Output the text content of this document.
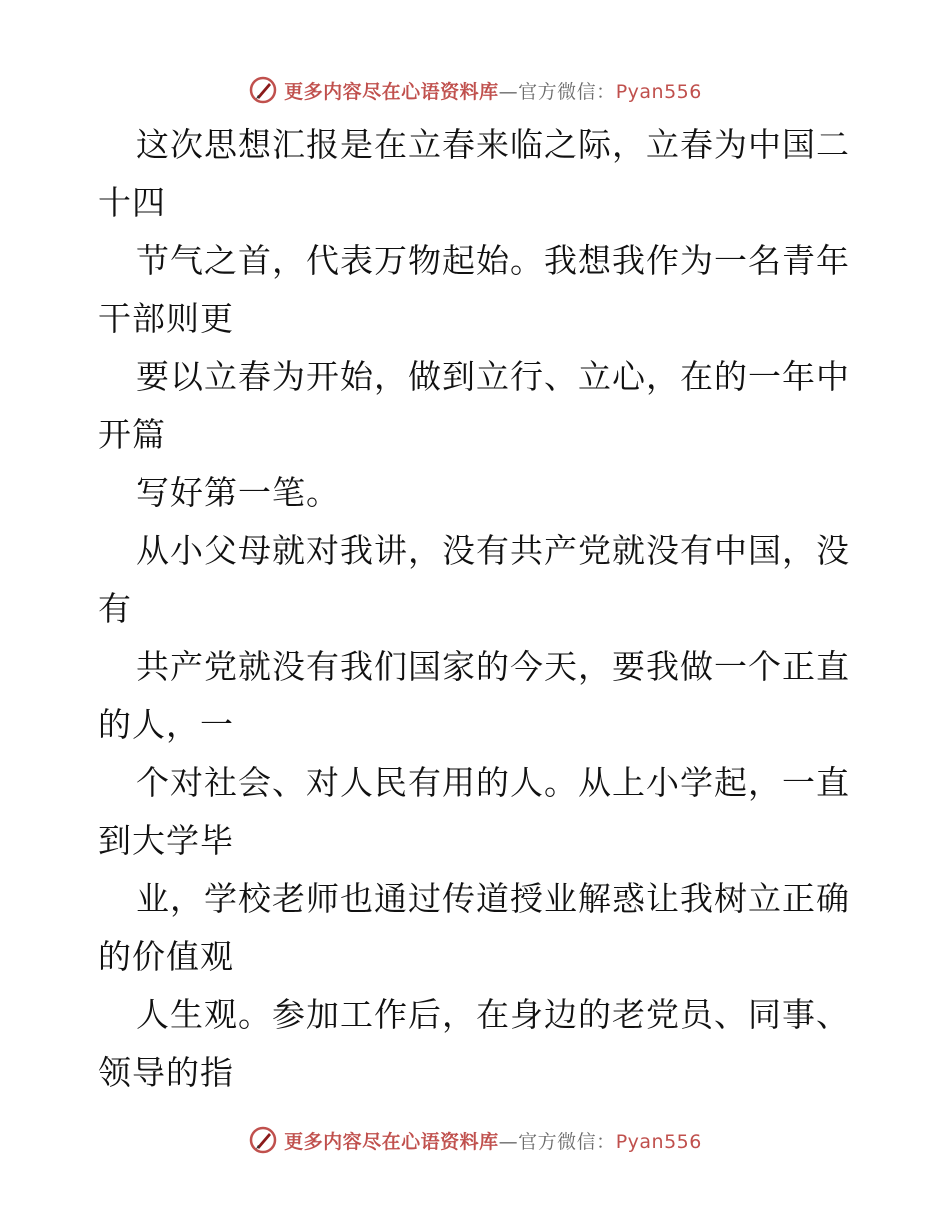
更多内容尽在心语资料库—官方微信：Pyan556
这次思想汇报是在立春来临之际，立春为中国二
十四
节气之首，代表万物起始。我想我作为一名青年
干部则更
要以立春为开始，做到立行、立心，在的一年中
开篇
写好第一笔。
从小父母就对我讲，没有共产党就没有中国，没
有
共产党就没有我们国家的今天，要我做一个正直
的人，一
个对社会、对人民有用的人。从上小学起，一直
到大学毕
业，学校老师也通过传道授业解惑让我树立正确
的价值观
人生观。参加工作后，在身边的老党员、同事、
领导的指
更多内容尽在心语资料库—官方微信：Pyan556
